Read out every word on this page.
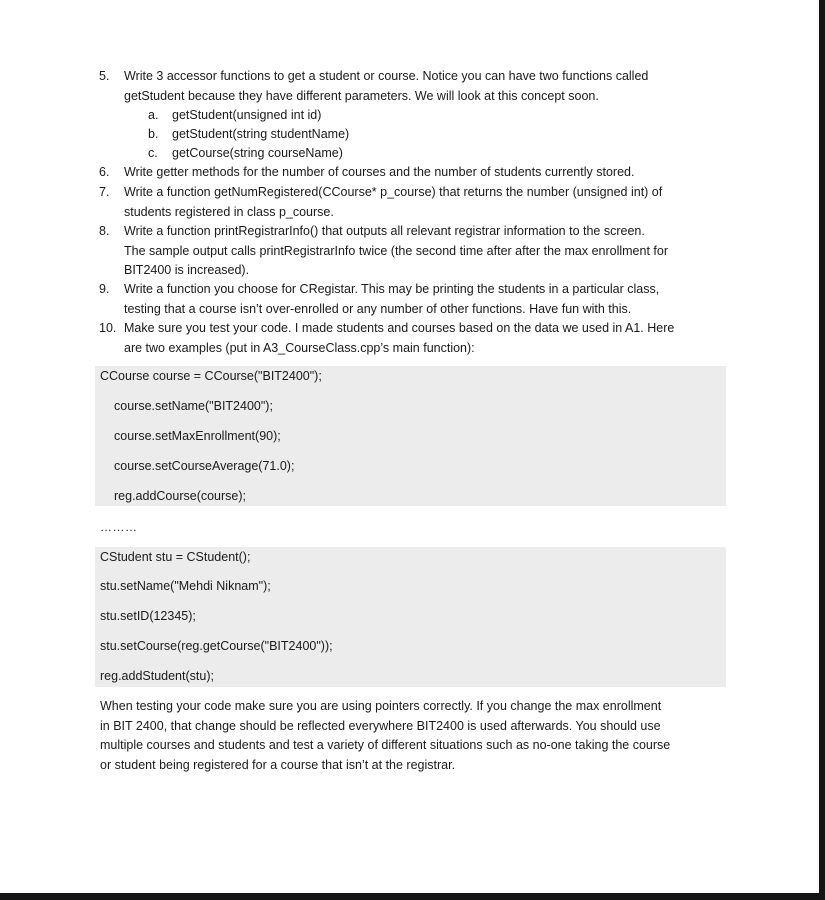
5.	Write 3 accessor functions to get a student or course. Notice you can have two functions called
getStudent because they have different parameters. We will look at this concept soon.
a.	getStudent(unsigned int id)
b.	getStudent(string studentName)
c.	getCourse(string courseName)
6.	Write getter methods for the number of courses and the number of students currently stored.
7.	Write a function getNumRegistered(CCourse* p_course) that returns the number (unsigned int) of
students registered in class p_course.
8.	Write a function printRegistrarInfo() that outputs all relevant registrar information to the screen.
The sample output calls printRegistrarInfo twice (the second time after after the max enrollment for
BIT2400 is increased).
9.	Write a function you choose for CRegistar. This may be printing the students in a particular class,
testing that a course isn’t over-enrolled or any number of other functions. Have fun with this.
10. Make sure you test your code. I made students and courses based on the data we used in A1. Here
are two examples (put in A3_CourseClass.cpp’s main function):
CCourse course = CCourse("BIT2400");
course.setName("BIT2400");
course.setMaxEnrollment(90);
course.setCourseAverage(71.0);
reg.addCourse(course);
………
CStudent stu = CStudent();
stu.setName("Mehdi Niknam");
stu.setID(12345);
stu.setCourse(reg.getCourse("BIT2400"));
reg.addStudent(stu);
When testing your code make sure you are using pointers correctly. If you change the max enrollment
in BIT 2400, that change should be reflected everywhere BIT2400 is used afterwards. You should use
multiple courses and students and test a variety of different situations such as no-one taking the course
or student being registered for a course that isn’t at the registrar.
